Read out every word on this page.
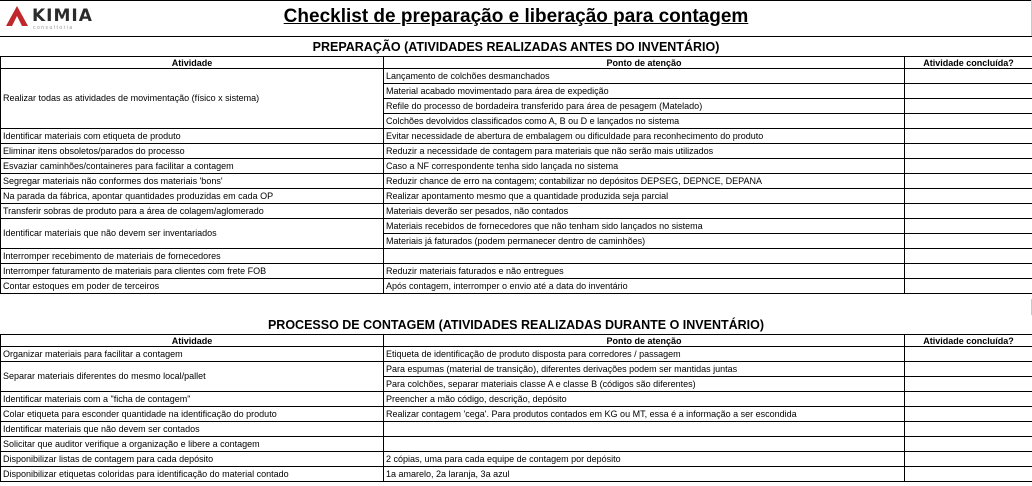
KIMIA
consultoria
Checklist de preparação e liberação para contagem
PREPARAÇÃO (ATIVIDADES REALIZADAS ANTES DO INVENTÁRIO)
Atividade	Ponto de atenção	Atividade concluída?
Realizar todas as atividades de movimentação (físico x sistema)	Lançamento de colchões desmanchados	
	Material acabado movimentado para área de expedição	
	Refile do processo de bordadeira transferido para área de pesagem (Matelado)	
	Colchões devolvidos classificados como A, B ou D e lançados no sistema	
Identificar materiais com etiqueta de produto	Evitar necessidade de abertura de embalagem ou dificuldade para reconhecimento do produto	
Eliminar itens obsoletos/parados do processo	Reduzir a necessidade de contagem para materiais que não serão mais utilizados	
Esvaziar caminhões/containeres para facilitar a contagem	Caso a NF correspondente tenha sido lançada no sistema	
Segregar materiais não conformes dos materiais 'bons'	Reduzir chance de erro na contagem; contabilizar no depósitos DEPSEG, DEPNCE, DEPANA	
Na parada da fábrica, apontar quantidades produzidas em cada OP	Realizar apontamento mesmo que a quantidade produzida seja parcial	
Transferir sobras de produto para a área de colagem/aglomerado	Materiais deverão ser pesados, não contados	
Identificar materiais que não devem ser inventariados	Materiais recebidos de fornecedores que não tenham sido lançados no sistema	
	Materiais já faturados (podem permanecer dentro de caminhões)	
Interromper recebimento de materiais de fornecedores		
Interromper faturamento de materiais para clientes com frete FOB	Reduzir materiais faturados e não entregues	
Contar estoques em poder de terceiros	Após contagem, interromper o envio até a data do inventário	
PROCESSO DE CONTAGEM (ATIVIDADES REALIZADAS DURANTE O INVENTÁRIO)
Atividade	Ponto de atenção	Atividade concluída?
Organizar materiais para facilitar a contagem	Etiqueta de identificação de produto disposta para corredores / passagem	
Separar materiais diferentes do mesmo local/pallet	Para espumas (material de transição), diferentes derivações podem ser mantidas juntas	
	Para colchões, separar materiais classe A e classe B (códigos são diferentes)	
Identificar materiais com a "ficha de contagem"	Preencher a mão código, descrição, depósito	
Colar etiqueta para esconder quantidade na identificação do produto	Realizar contagem 'cega'. Para produtos contados em KG ou MT, essa é a informação a ser escondida	
Identificar materiais que não devem ser contados		
Solicitar que auditor verifique a organização e libere a contagem		
Disponibilizar listas de contagem para cada depósito	2 cópias, uma para cada equipe de contagem por depósito	
Disponibilizar etiquetas coloridas para identificação do material contado	1a amarelo, 2a laranja, 3a azul	
